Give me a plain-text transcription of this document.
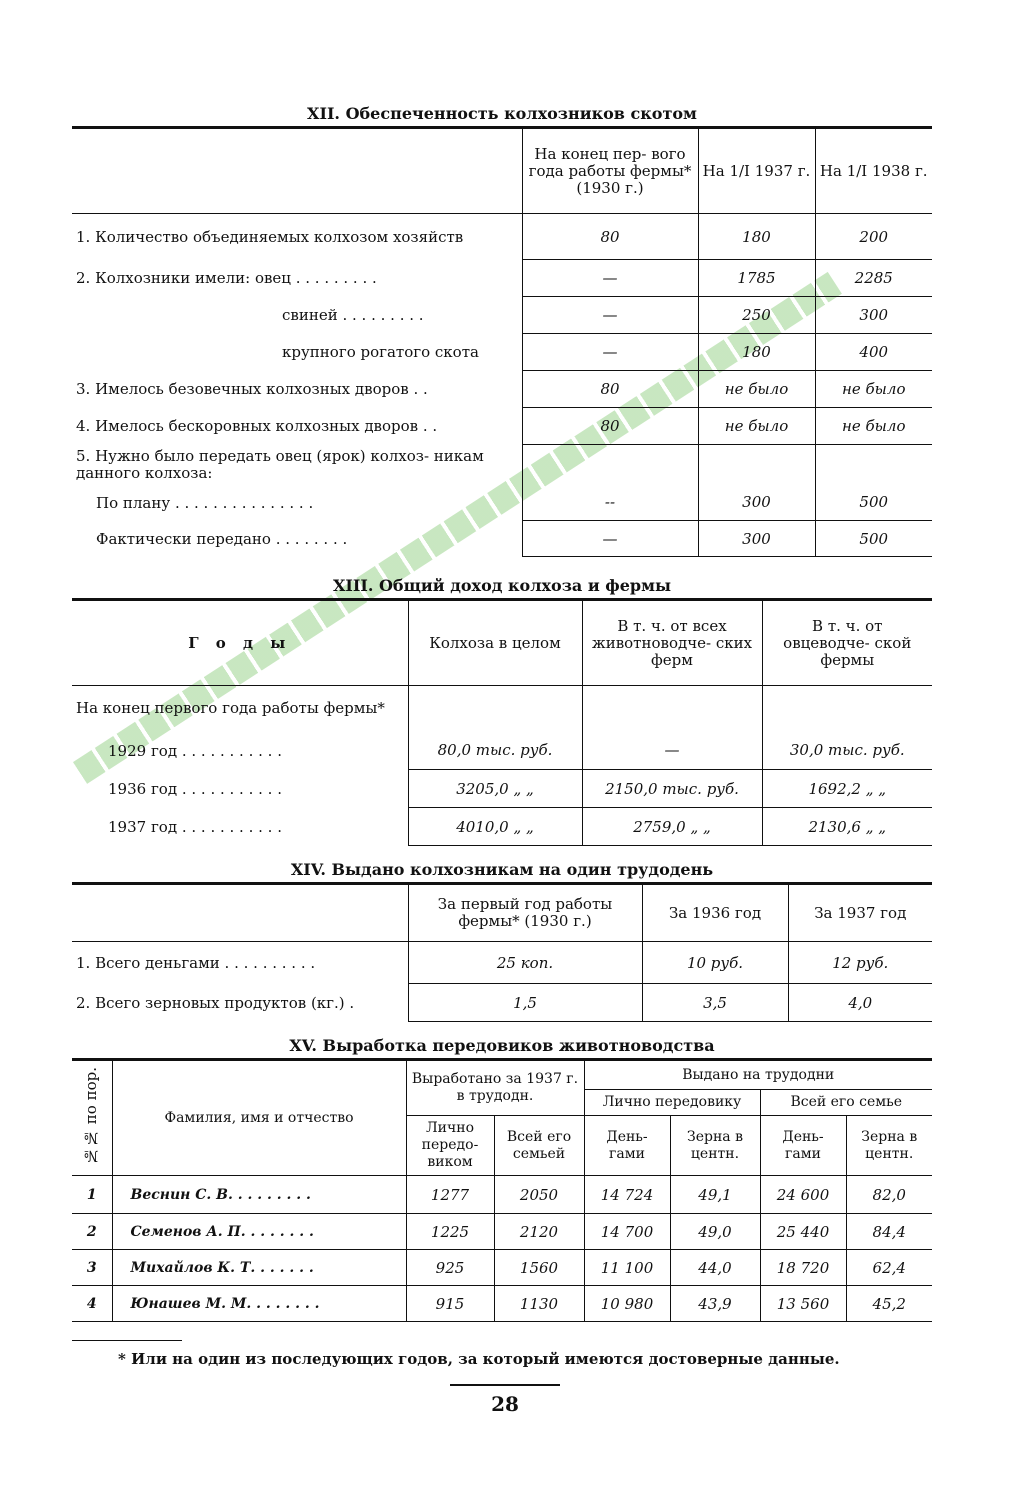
XII. Обеспеченность колхозников скотом
	На конец пер- вого года работы фермы* (1930 г.)	На 1/I 1937 г.	На 1/I 1938 г.
1. Количество объединяемых колхозом хозяйств	80	180	200
2. Колхозники имели: овец . . . . . . . . .	—	1785	2285
свиней . . . . . . . . .	—	250	300
крупного рогатого скота	—	180	400
3. Имелось безовечных колхозных дворов . .	80	не было	не было
4. Имелось бескоровных колхозных дворов . .	80	не было	не было
5. Нужно было передать овец (ярок) колхоз- никам данного колхоза:			
По плану . . . . . . . . . . . . . . .	--	300	500
Фактически передано . . . . . . . .	—	300	500
XIII. Общий доход колхоза и фермы
Г о д ы	Колхоза в целом	В т. ч. от всех животноводче- ских ферм	В т. ч. от овцеводче- ской фермы
На конец первого года работы фермы*			
1929 год . . . . . . . . . . .	80,0 тыс. руб.	—	30,0 тыс. руб.
1936 год . . . . . . . . . . .	3205,0 „ „	2150,0 тыс. руб.	1692,2 „ „
1937 год . . . . . . . . . . .	4010,0 „ „	2759,0 „ „	2130,6 „ „
XIV. Выдано колхозникам на один трудодень
	За первый год работы фермы* (1930 г.)	За 1936 год	За 1937 год
1. Всего деньгами . . . . . . . . . .	25 коп.	10 руб.	12 руб.
2. Всего зерновых продуктов (кг.) .	1,5	3,5	4,0
XV. Выработка передовиков животноводства
№№ по пор.	Фамилия, имя и отчество	Выработано за 1937 г. в трудодн.		Выдано на трудодни			
				Лично передовику		Всей его семье	
		Лично передо- виком	Всей его семьей	День- гами	Зерна в центн.	День- гами	Зерна в центн.
1	Веснин С. В. . . . . . . . .	1277	2050	14 724	49,1	24 600	82,0
2	Семенов А. П. . . . . . . .	1225	2120	14 700	49,0	25 440	84,4
3	Михайлов К. Т. . . . . . .	925	1560	11 100	44,0	18 720	62,4
4	Юнашев М. М. . . . . . . .	915	1130	10 980	43,9	13 560	45,2
* Или на один из последующих годов, за который имеются достоверные данные.
28
